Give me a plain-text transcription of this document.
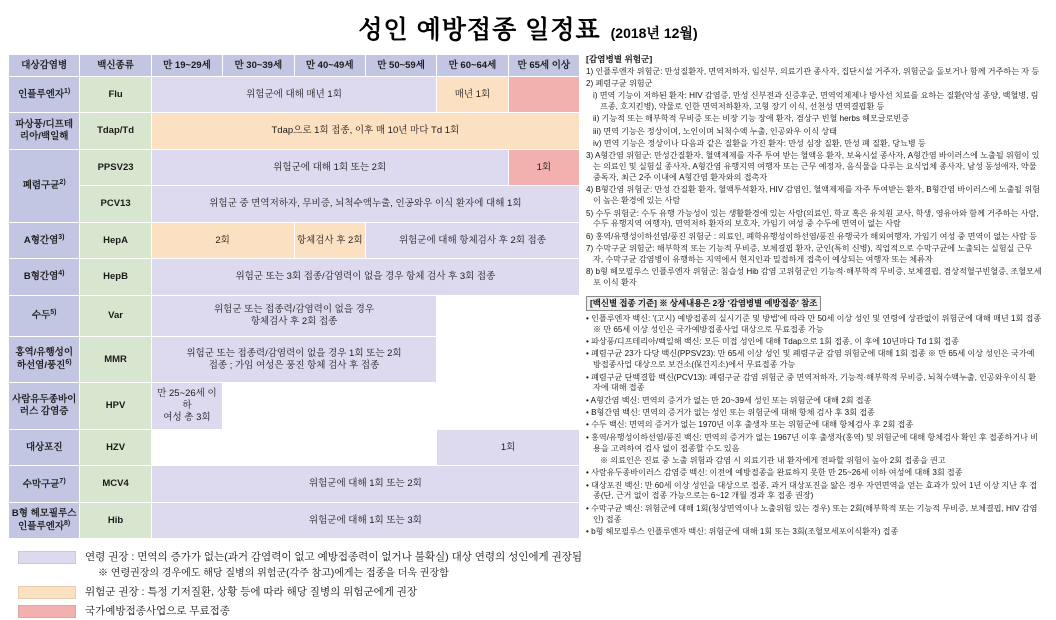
성인 예방접종 일정표 (2018년 12월)
대상감염병	백신종류	만 19~29세	만 30~39세	만 40~49세	만 50~59세	만 60~64세	만 65세 이상
인플루엔자$^{1)}$	Flu	위험군에 대해 매년 1회				매년 1회	
파상풍/디프테리아/백일해	Tdap/Td	Tdap으로 1회 접종, 이후 매 10년 마다 Td 1회					
폐렴구균$^{2)}$	PPSV23	위험군에 대해 1회 또는 2회					1회
	PCV13	위험군 중 면역저하자, 무비증, 뇌척수액누출, 인공와우 이식 환자에 대해 1회					
A형간염$^{3)}$	HepA	2회		항체검사 후 2회	위험군에 대해 항체검사 후 2회 접종		
B형간염$^{4)}$	HepB	위험군 또는 3회 접종/감염력이 없을 경우 항체 검사 후 3회 접종					
수두$^{5)}$	Var	위험군 또는 접종력/감염력이 없을 경우
항체검사 후 2회 접종					
홍역/유행성이하선염/풍진$^{6)}$	MMR	위험군 또는 접종력/감염력이 없을 경우 1회 또는 2회
접종 ; 가임 여성은 풍진 항체 검사 후 접종					
사람유두종바이러스 감염증	HPV	만 25~26세 이하
여성 총 3회					
대상포진	HZV					1회	
수막구균$^{7)}$	MCV4	위험군에 대해 1회 또는 2회					
B형 헤모필루스 인플루엔자$^{8)}$	Hib	위험군에 대해 1회 또는 3회					
[감염병별 위험군]

1) 인플루엔자 위험군: 만성질환자, 면역저하자, 임신부, 의료기관 종사자, 집단시설 거주자, 위험군을 돌보거나 함께 거주하는 자 등

2) 폐렴구균 위험군

i) 면역 기능이 저하된 환자: HIV 감염증, 만성 신부전과 신증후군, 면역억제제나 방사선 치료를 요하는 질환(악성 종양, 백혈병, 림프종, 호지킨병), 약물로 인한 면역저하환자, 고형 장기 이식, 선천성 면역결핍환 등

ii) 기능적 또는 해부학적 무비증 또는 비장 기능 장애 환자, 겸상구 빈혈 herbs 헤모글로빈증

iii) 면역 기능은 정상이며, 노인이며 뇌척수액 누출, 인공와우 이식 상태

iv) 면역 기능은 정상이나 다음과 같은 질환을 가진 환자: 만성 심장 질환, 만성 폐 질환, 당뇨병 등

3) A형간염 위험군: 만성간질환자, 혈액제제를 자주 투여 받는 혈액응 환자, 보육시설 종사자, A형간염 바이러스에 노출될 위험이 있는 의료인 및 실험실 종사자, A형간염 유행지역 여행자 또는 근무 예정자, 음식물을 다루는 요식업체 종사자, 남성 동성애자, 약물중독자, 최근 2주 이내에 A형간염 환자와의 접촉자

4) B형간염 위험군: 만성 간질환 환자, 혈액투석환자, HIV 감염인, 혈액제제를 자주 투여받는 환자, B형간염 바이러스에 노출될 위험이 높은 환경에 있는 사람

5) 수두 위험군: 수두 유행 가능성이 있는 생활환경에 있는 사람(의료인, 학교 혹은 유치원 교사, 학생, 영유아와 함께 거주하는 사람, 수두 유행지역 여행자), 면역저하 환자의 보호자, 가임기 여성 중 수두에 면역이 없는 사람

6) 홍역/유행성이하선염/풍진 위험군 : 의료인, 폐학유행성이하선염/풍진 유행국가 해외여행자, 가임기 여성 중 면역이 없는 사람 등

7) 수막구균 위험군: 해부학적 또는 기능적 무비증, 보체결핍 환자, 군인(특히 신병), 직업적으로 수막구균에 노출되는 실험실 근무자, 수막구균 감염병이 유행하는 지역에서 현지인과 밀접하게 접촉이 예상되는 여행자 또는 체류자

8) b형 헤모필루스 인플루엔자 위험군: 침습성 Hib 감염 고위험군인 기능적·해부학적 무비증, 보체결핍, 겸상적혈구빈혈증, 조혈모세포 이식 환자

[백신별 접종 기준] ※ 상세내용은 2장 '감염병별 예방접종' 참조

• 인플루엔자 백신: '(고시) 예방접종의 실시기준 및 방법'에 따라 만 50세 이상 성인 및 연령에 상관없이 위험군에 대해 매년 1회 접종 ※ 만 65세 이상 성인은 국가예방접종사업 대상으로 무료접종 가능

• 파상풍/디프테리아/백일해 백신: 모든 미접 성인에 대해 Tdap으로 1회 접종, 이 후에 10년마다 Td 1회 접종

• 폐렴구균 23가 다당 백신(PPSV23): 만 65세 이상 성인 및 폐렴구균 감염 위험군에 대해 1회 접종 ※ 만 65세 이상 성인은 국가예방접종사업 대상으로 보건소(保건지소)에서 무료접종 가능

• 폐렴구균 단백결합 백신(PCV13): 폐렴구균 감염 위험군 중 면역저하자, 기능적·해부학적 무비증, 뇌척수액누출, 인공와우이식 환자에 대해 접종

• A형간염 백신: 면역의 증거가 없는 만 20~39세 성인 또는 위험군에 대해 2회 접종

• B형간염 백신: 면역의 증거가 없는 성인 또는 위험군에 대해 항체 검사 후 3회 접종

• 수두 백신: 면역의 증거가 없는 1970년 이후 출생자 또는 위험군에 대해 항체검사 후 2회 접종

• 홍역/유행성이하선염/풍진 백신: 면역의 증거가 없는 1967년 이후 출생자(홍역) 및 위험군에 대해 항체검사 확인 후 접종하거나 비용을 고려하여 검사 없이 접종할 수도 있음

※ 의료인은 진료 중 노출 위험과 감염 시 의료기관 내 환자에게 전파할 위험이 높아 2회 접종을 권고

• 사람유두종바이러스 감염증 백신: 이전에 예방접종을 완료하지 못한 만 25~26세 이하 여성에 대해 3회 접종

• 대상포진 백신: 만 60세 이상 성인을 대상으로 접종, 과거 대상포진을 앓은 경우 자연면역을 얻는 효과가 있어 1년 이상 지난 후 접종(단, 근거 없이 접종 가능으로는 6~12 개월 경과 후 접종 권장)

• 수막구균 백신: 위험군에 대해 1회(청상면역이나 노출위험 있는 경우) 또는 2회(해부학적 또는 기능적 무비증, 보체결핍, HIV 감염인) 접종

• b형 헤모필루스 인플루엔자 백신: 위험군에 대해 1회 또는 3회(조혈모세포이식환자) 접종

연령 권장 : 면역의 증가가 없는(과거 감염력이 없고 예방접종력이 없거나 불확실) 대상 연령의 성인에게 권장됨
※ 연령권장의 경우에도 해당 질병의 위험군(각주 참고)에게는 접종을 더욱 권장함
위험군 권장 : 특정 기저질환, 상황 등에 따라 해당 질병의 위험군에게 권장
국가예방접종사업으로 무료접종
